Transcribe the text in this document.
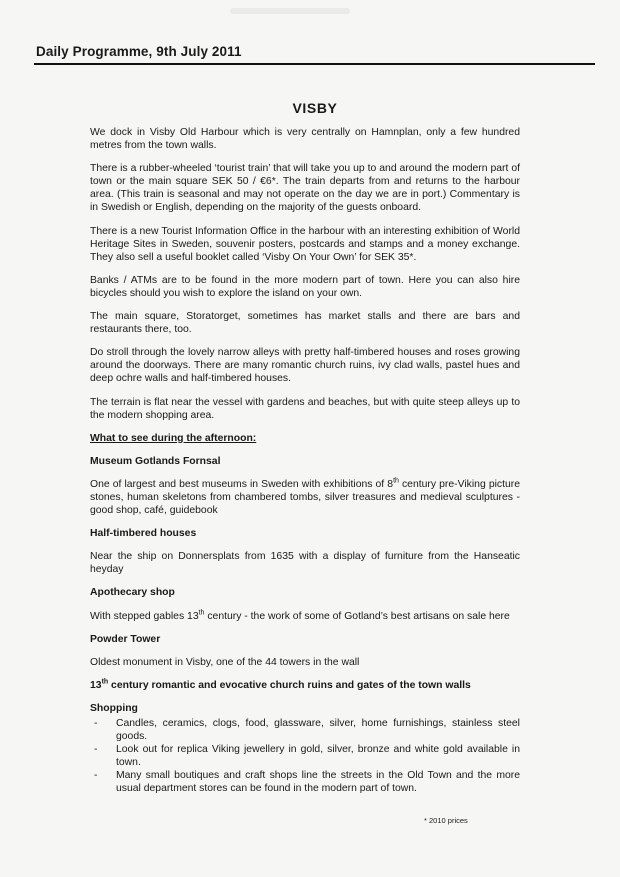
Daily Programme, 9th July 2011
VISBY

We dock in Visby Old Harbour which is very centrally on Hamnplan, only a few hundred metres from the town walls.

There is a rubber-wheeled ‘tourist train’ that will take you up to and around the modern part of town or the main square SEK 50 / €6*. The train departs from and returns to the harbour area. (This train is seasonal and may not operate on the day we are in port.) Commentary is in Swedish or English, depending on the majority of the guests onboard.

There is a new Tourist Information Office in the harbour with an interesting exhibition of World Heritage Sites in Sweden, souvenir posters, postcards and stamps and a money exchange. They also sell a useful booklet called ‘Visby On Your Own’ for SEK 35*.

Banks / ATMs are to be found in the more modern part of town. Here you can also hire bicycles should you wish to explore the island on your own.

The main square, Storatorget, sometimes has market stalls and there are bars and restaurants there, too.

Do stroll through the lovely narrow alleys with pretty half-timbered houses and roses growing around the doorways. There are many romantic church ruins, ivy clad walls, pastel hues and deep ochre walls and half-timbered houses.

The terrain is flat near the vessel with gardens and beaches, but with quite steep alleys up to the modern shopping area.

What to see during the afternoon:
Museum Gotlands Fornsal

One of largest and best museums in Sweden with exhibitions of 8th century pre-Viking picture stones, human skeletons from chambered tombs, silver treasures and medieval sculptures - good shop, café, guidebook

Half-timbered houses

Near the ship on Donnersplats from 1635 with a display of furniture from the Hanseatic heyday

Apothecary shop

With stepped gables 13th century - the work of some of Gotland’s best artisans on sale here

Powder Tower

Oldest monument in Visby, one of the 44 towers in the wall

13th century romantic and evocative church ruins and gates of the town walls
Shopping
- Candles, ceramics, clogs, food, glassware, silver, home furnishings, stainless steel goods.
- Look out for replica Viking jewellery in gold, silver, bronze and white gold available in town.
- Many small boutiques and craft shops line the streets in the Old Town and the more usual department stores can be found in the modern part of town.
* 2010 prices
